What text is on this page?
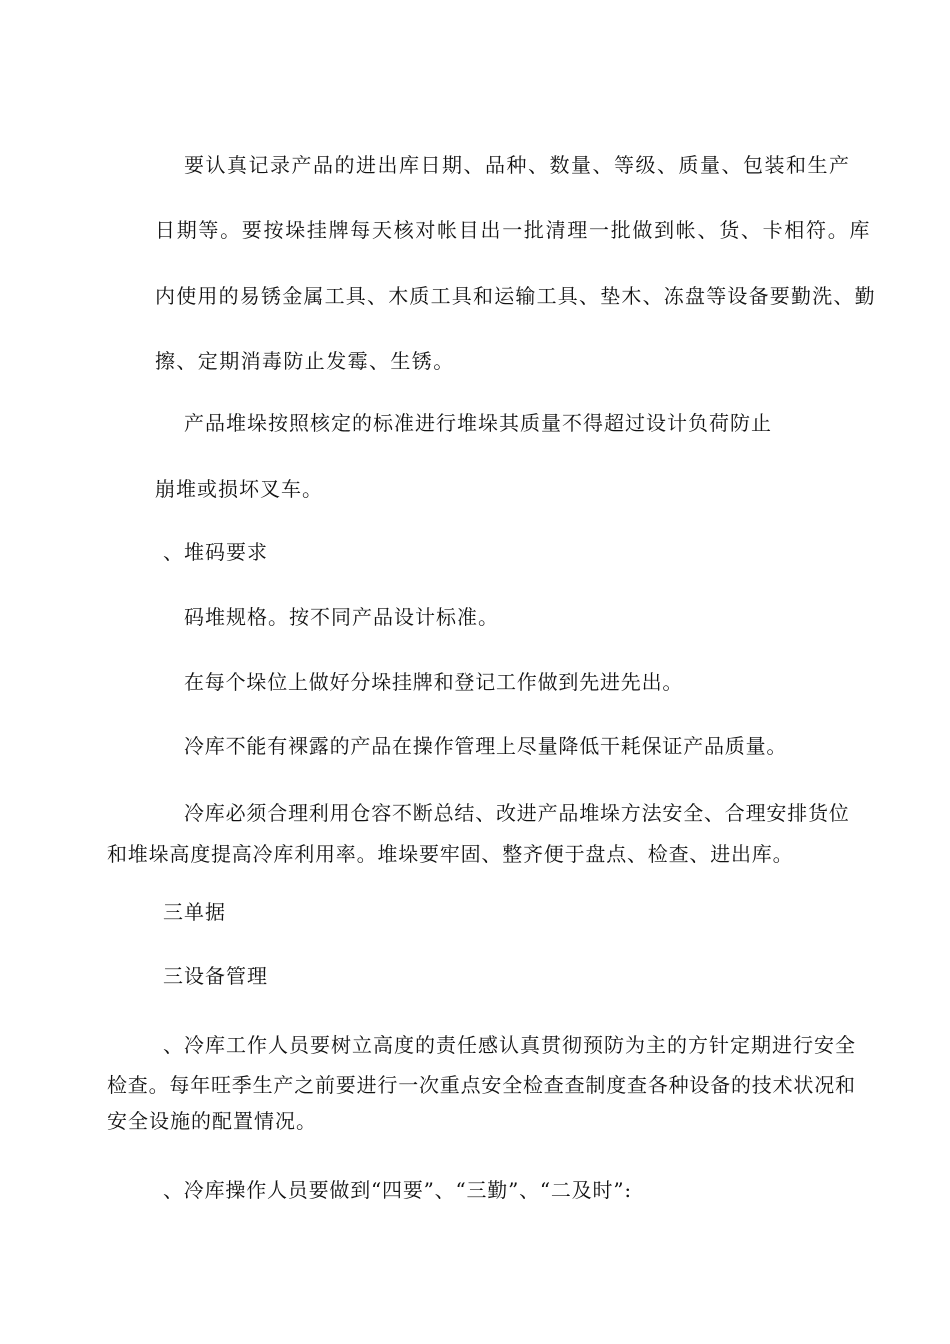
要认真记录产品的进出库日期、品种、数量、等级、质量、包装和生产
日期等。要按垛挂牌每天核对帐目出一批清理一批做到帐、货、卡相符。库
内使用的易锈金属工具、木质工具和运输工具、垫木、冻盘等设备要勤洗、勤
擦、定期消毒防止发霉、生锈。
产品堆垛按照核定的标准进行堆垛其质量不得超过设计负荷防止
崩堆或损坏叉车。
、堆码要求
码堆规格。按不同产品设计标准。
在每个垛位上做好分垛挂牌和登记工作做到先进先出。
冷库不能有裸露的产品在操作管理上尽量降低干耗保证产品质量。
冷库必须合理利用仓容不断总结、改进产品堆垛方法安全、合理安排货位
和堆垛高度提高冷库利用率。堆垛要牢固、整齐便于盘点、检查、进出库。
三单据
三设备管理
、冷库工作人员要树立高度的责任感认真贯彻预防为主的方针定期进行安全
检查。每年旺季生产之前要进行一次重点安全检查查制度查各种设备的技术状况和
安全设施的配置情况。
、冷库操作人员要做到“四要”、“三勤”、“二及时”:
